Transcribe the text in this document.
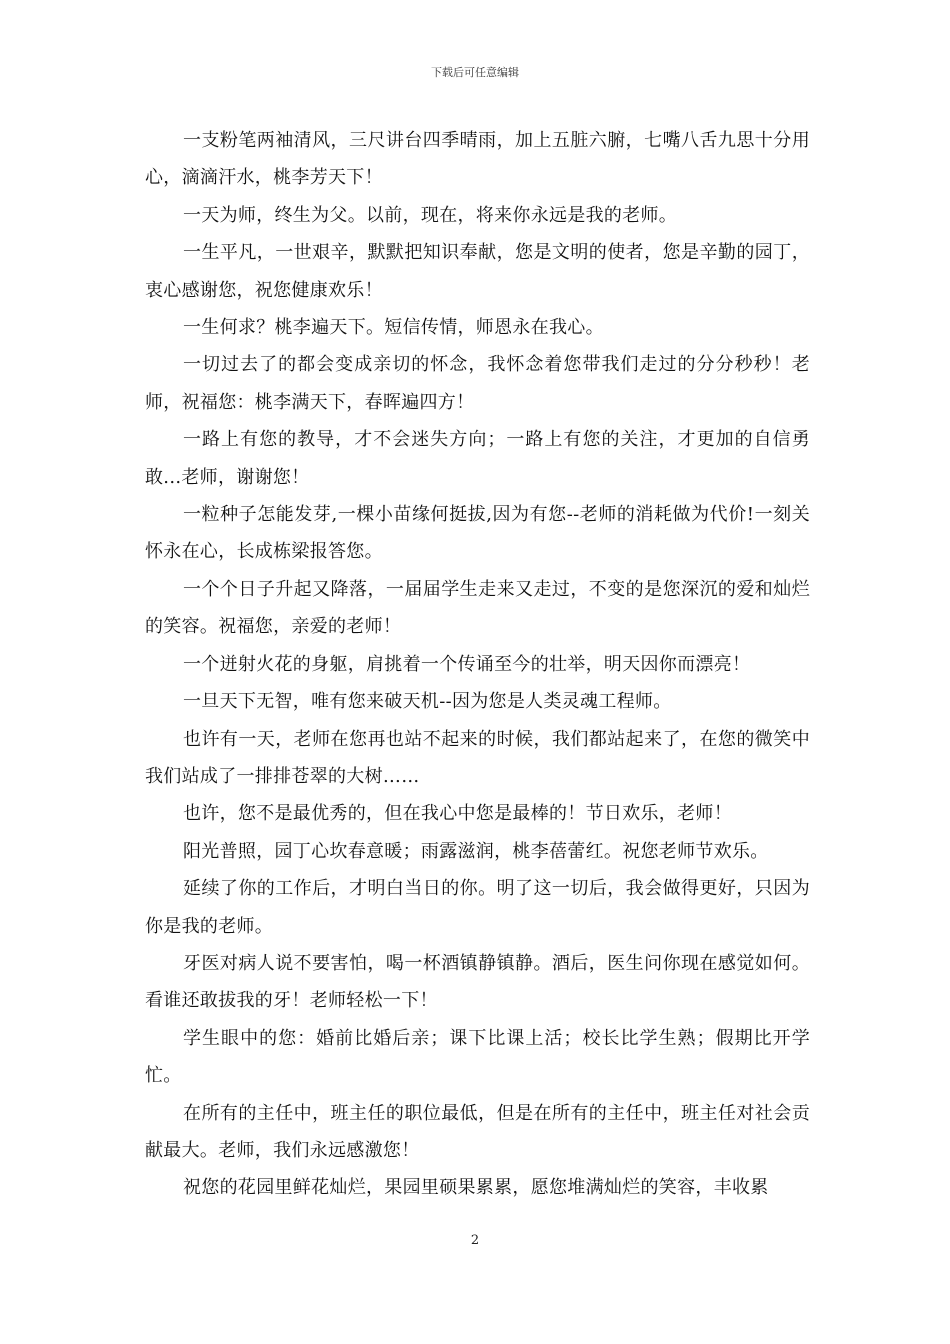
下载后可任意编辑

一支粉笔两袖清风，三尺讲台四季晴雨，加上五脏六腑，七嘴八舌九思十分用心，滴滴汗水，桃李芳天下！

一天为师，终生为父。以前，现在，将来你永远是我的老师。

一生平凡，一世艰辛，默默把知识奉献，您是文明的使者，您是辛勤的园丁，衷心感谢您，祝您健康欢乐！

一生何求？桃李遍天下。短信传情，师恩永在我心。

一切过去了的都会变成亲切的怀念，我怀念着您带我们走过的分分秒秒！老师，祝福您：桃李满天下，春晖遍四方！

一路上有您的教导，才不会迷失方向；一路上有您的关注，才更加的自信勇敢...老师，谢谢您！

一粒种子怎能发芽,一棵小苗缘何挺拔,因为有您--老师的消耗做为代价!一刻关怀永在心，长成栋梁报答您。

一个个日子升起又降落，一届届学生走来又走过，不变的是您深沉的爱和灿烂的笑容。祝福您，亲爱的老师！

一个迸射火花的身躯，肩挑着一个传诵至今的壮举，明天因你而漂亮！

一旦天下无智，唯有您来破天机--因为您是人类灵魂工程师。

也许有一天，老师在您再也站不起来的时候，我们都站起来了，在您的微笑中我们站成了一排排苍翠的大树……

也许，您不是最优秀的，但在我心中您是最棒的！节日欢乐，老师！

阳光普照，园丁心坎春意暖；雨露滋润，桃李蓓蕾红。祝您老师节欢乐。

延续了你的工作后，才明白当日的你。明了这一切后，我会做得更好，只因为你是我的老师。

牙医对病人说不要害怕，喝一杯酒镇静镇静。酒后，医生问你现在感觉如何。看谁还敢拔我的牙！老师轻松一下！

学生眼中的您：婚前比婚后亲；课下比课上活；校长比学生熟；假期比开学忙。

在所有的主任中，班主任的职位最低，但是在所有的主任中，班主任对社会贡献最大。老师，我们永远感激您！

祝您的花园里鲜花灿烂，果园里硕果累累，愿您堆满灿烂的笑容，丰收累

2
